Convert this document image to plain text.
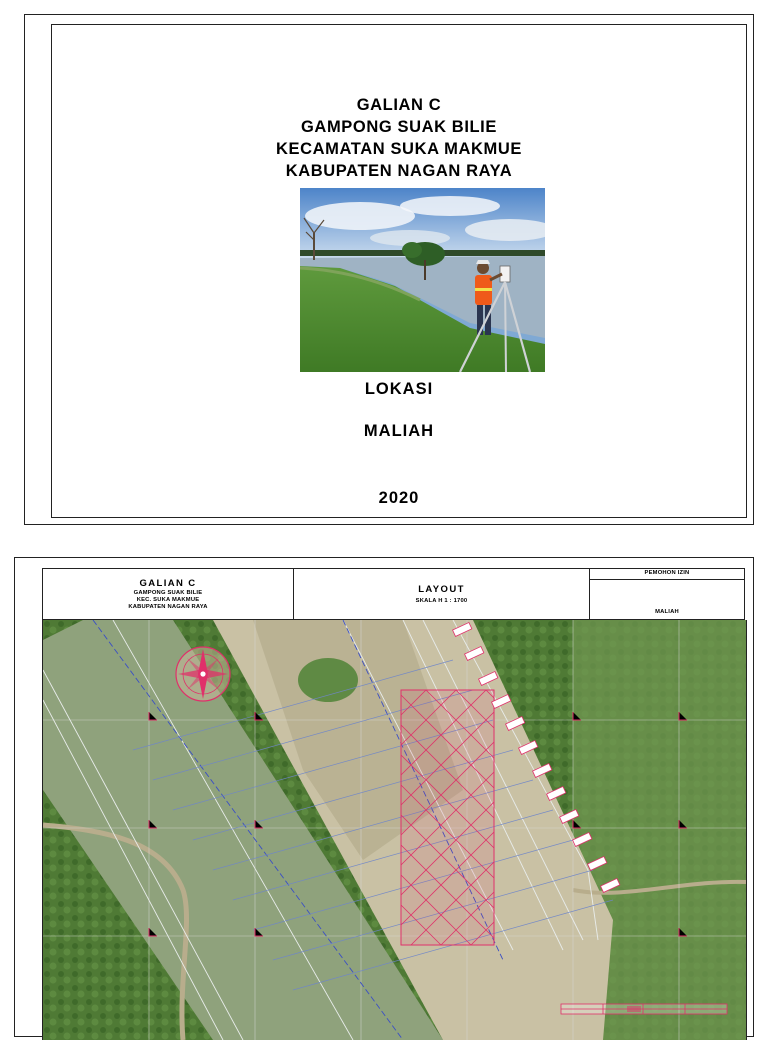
GALIAN C
GAMPONG SUAK BILIE
KECAMATAN SUKA MAKMUE
KABUPATEN NAGAN RAYA
LOKASI
MALIAH
2020
GALIAN C
GAMPONG SUAK BILIE
KEC. SUKA MAKMUE
KABUPATEN NAGAN RAYA
LAYOUT
SKALA H 1 : 1700
PEMOHON IZIN
MALIAH
